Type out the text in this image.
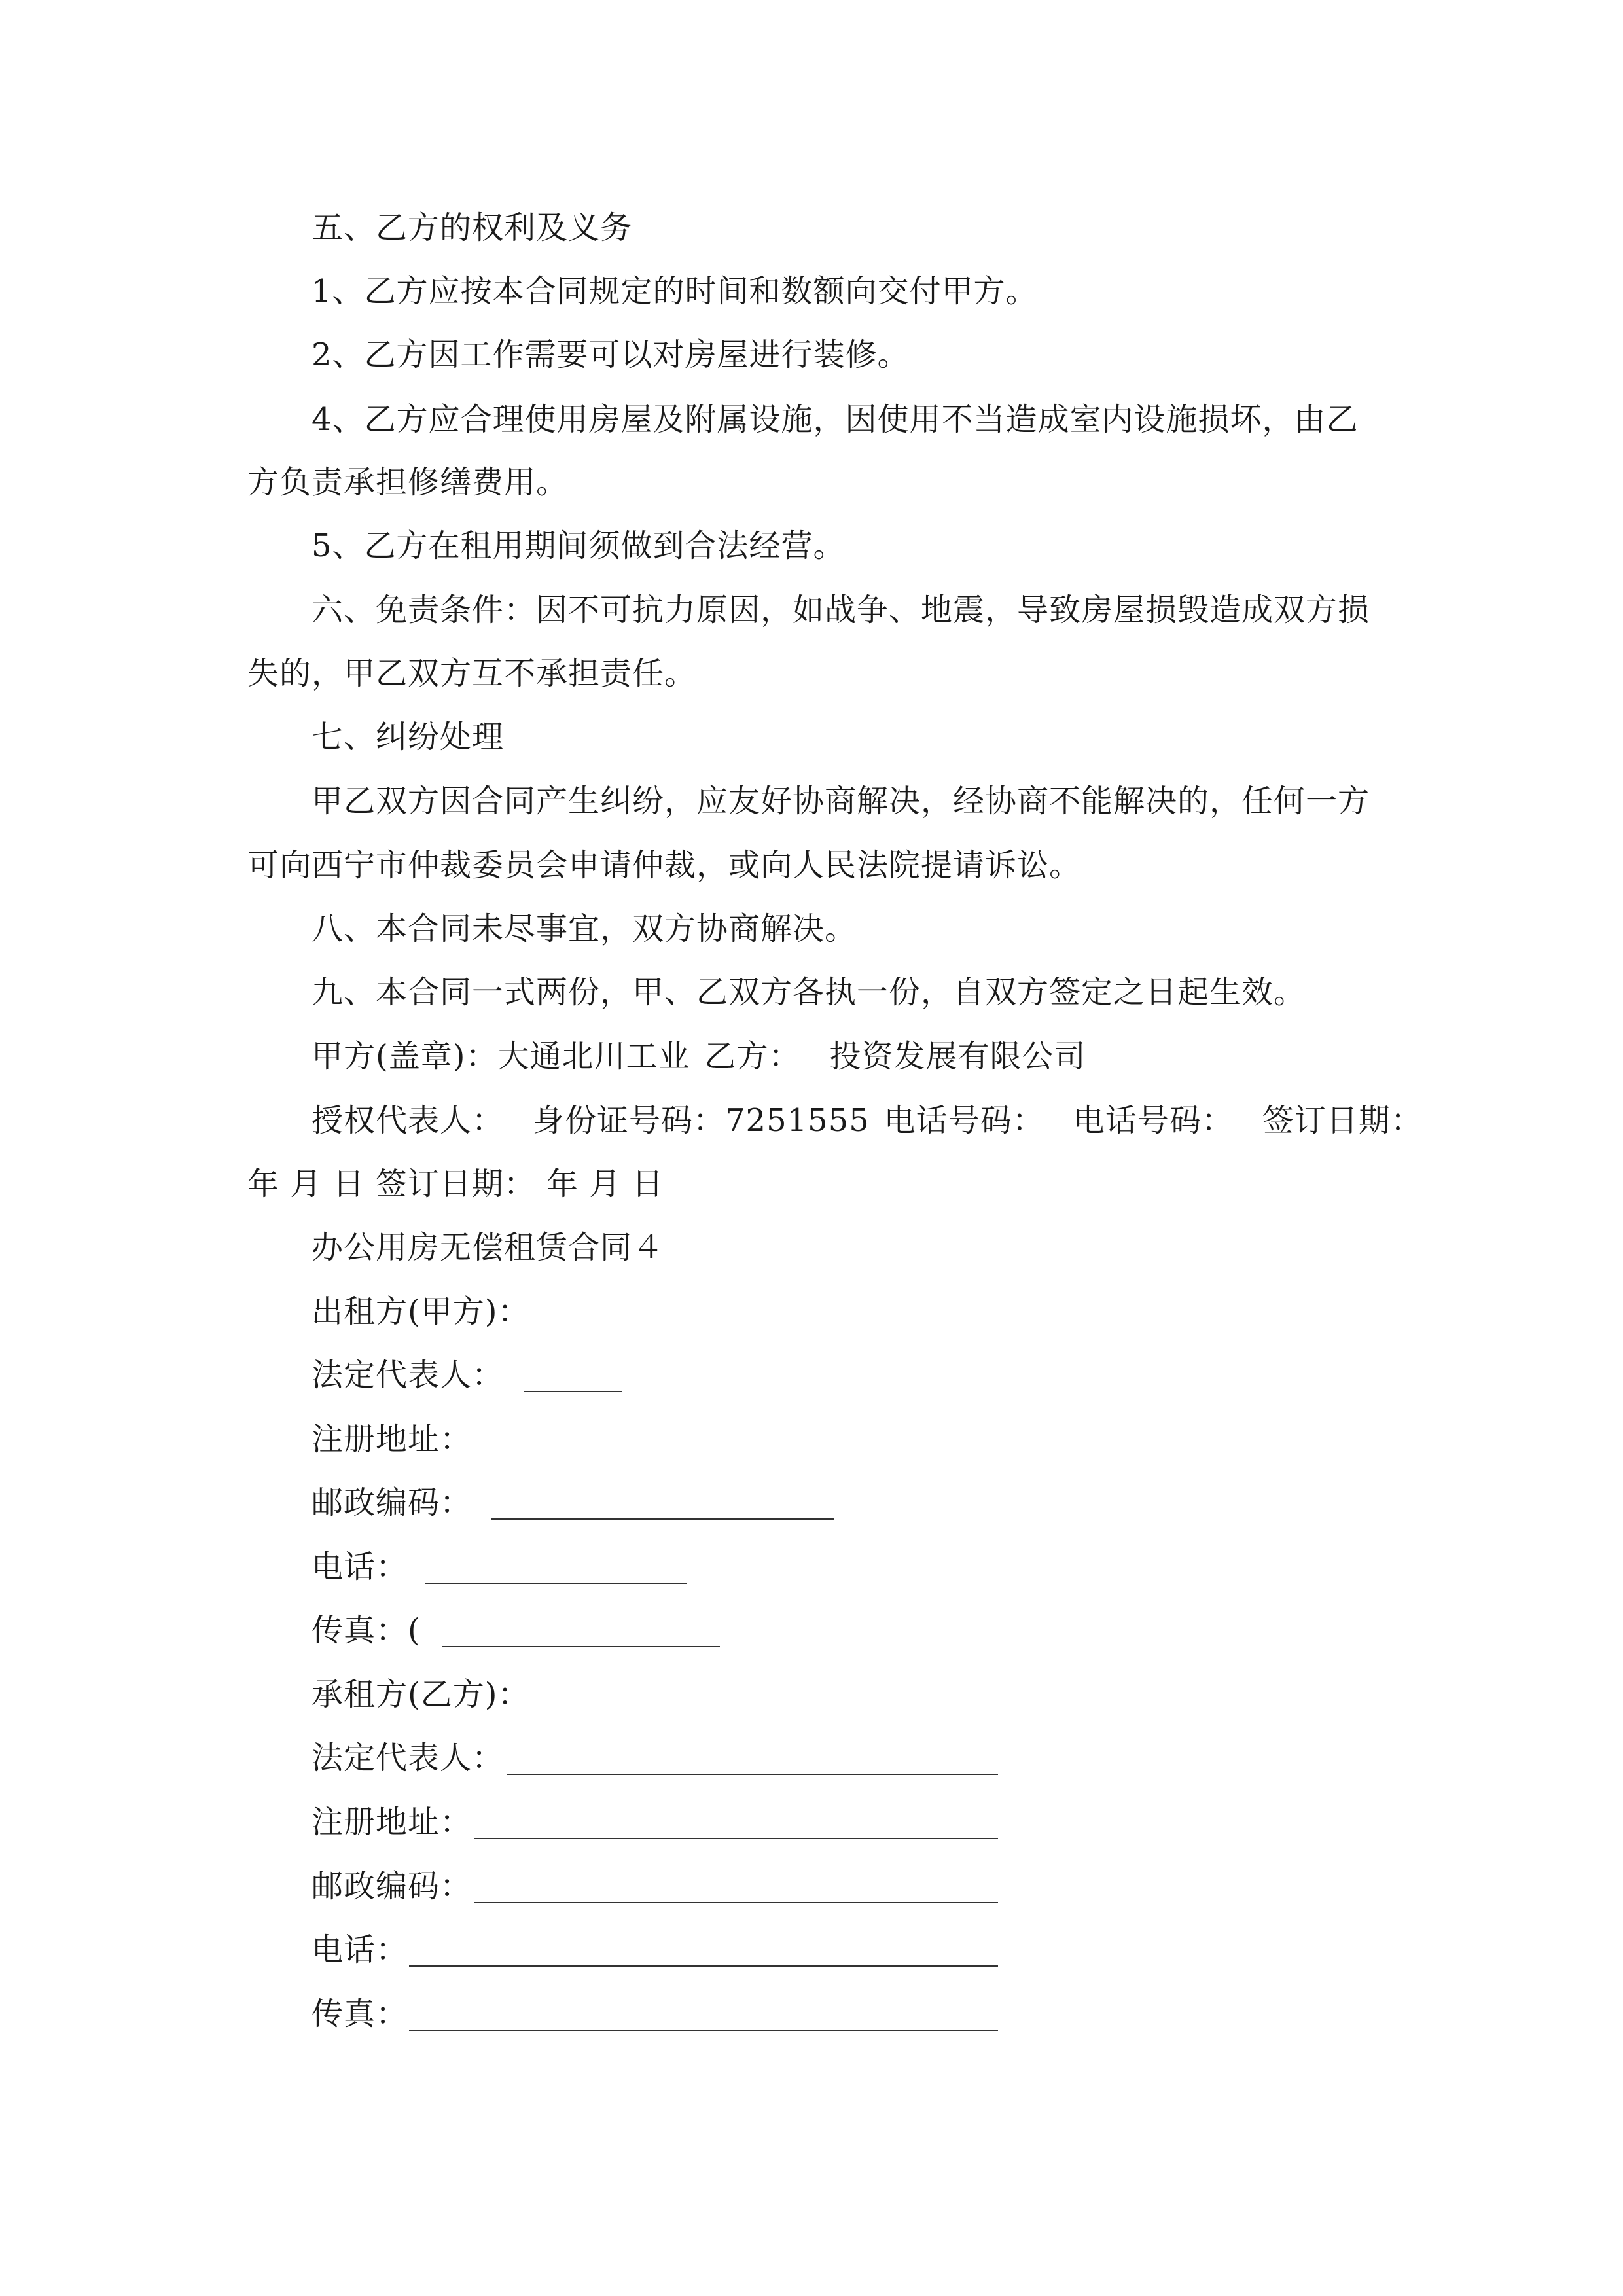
五、乙方的权利及义务
1、乙方应按本合同规定的时间和数额向交付甲方。
2、乙方因工作需要可以对房屋进行装修。
4、乙方应合理使用房屋及附属设施，因使用不当造成室内设施损坏，由乙
方负责承担修缮费用。
5、乙方在租用期间须做到合法经营。
六、免责条件：因不可抗力原因，如战争、地震，导致房屋损毁造成双方损
失的，甲乙双方互不承担责任。
七、纠纷处理
甲乙双方因合同产生纠纷，应友好协商解决，经协商不能解决的，任何一方
可向西宁市仲裁委员会申请仲裁，或向人民法院提请诉讼。
八、本合同未尽事宜，双方协商解决。
九、本合同一式两份，甲、乙双方各执一份，自双方签定之日起生效。
甲方(盖章)：大通北川工业 乙方： 投资发展有限公司
授权代表人： 身份证号码：7251555 电话号码： 电话号码： 签订日期：
年 月 日 签订日期： 年 月 日
办公用房无偿租赁合同４
出租方(甲方)：
法定代表人：
注册地址：
邮政编码：
电话：
传真：(
承租方(乙方)：
法定代表人：
注册地址：
邮政编码：
电话：
传真：
